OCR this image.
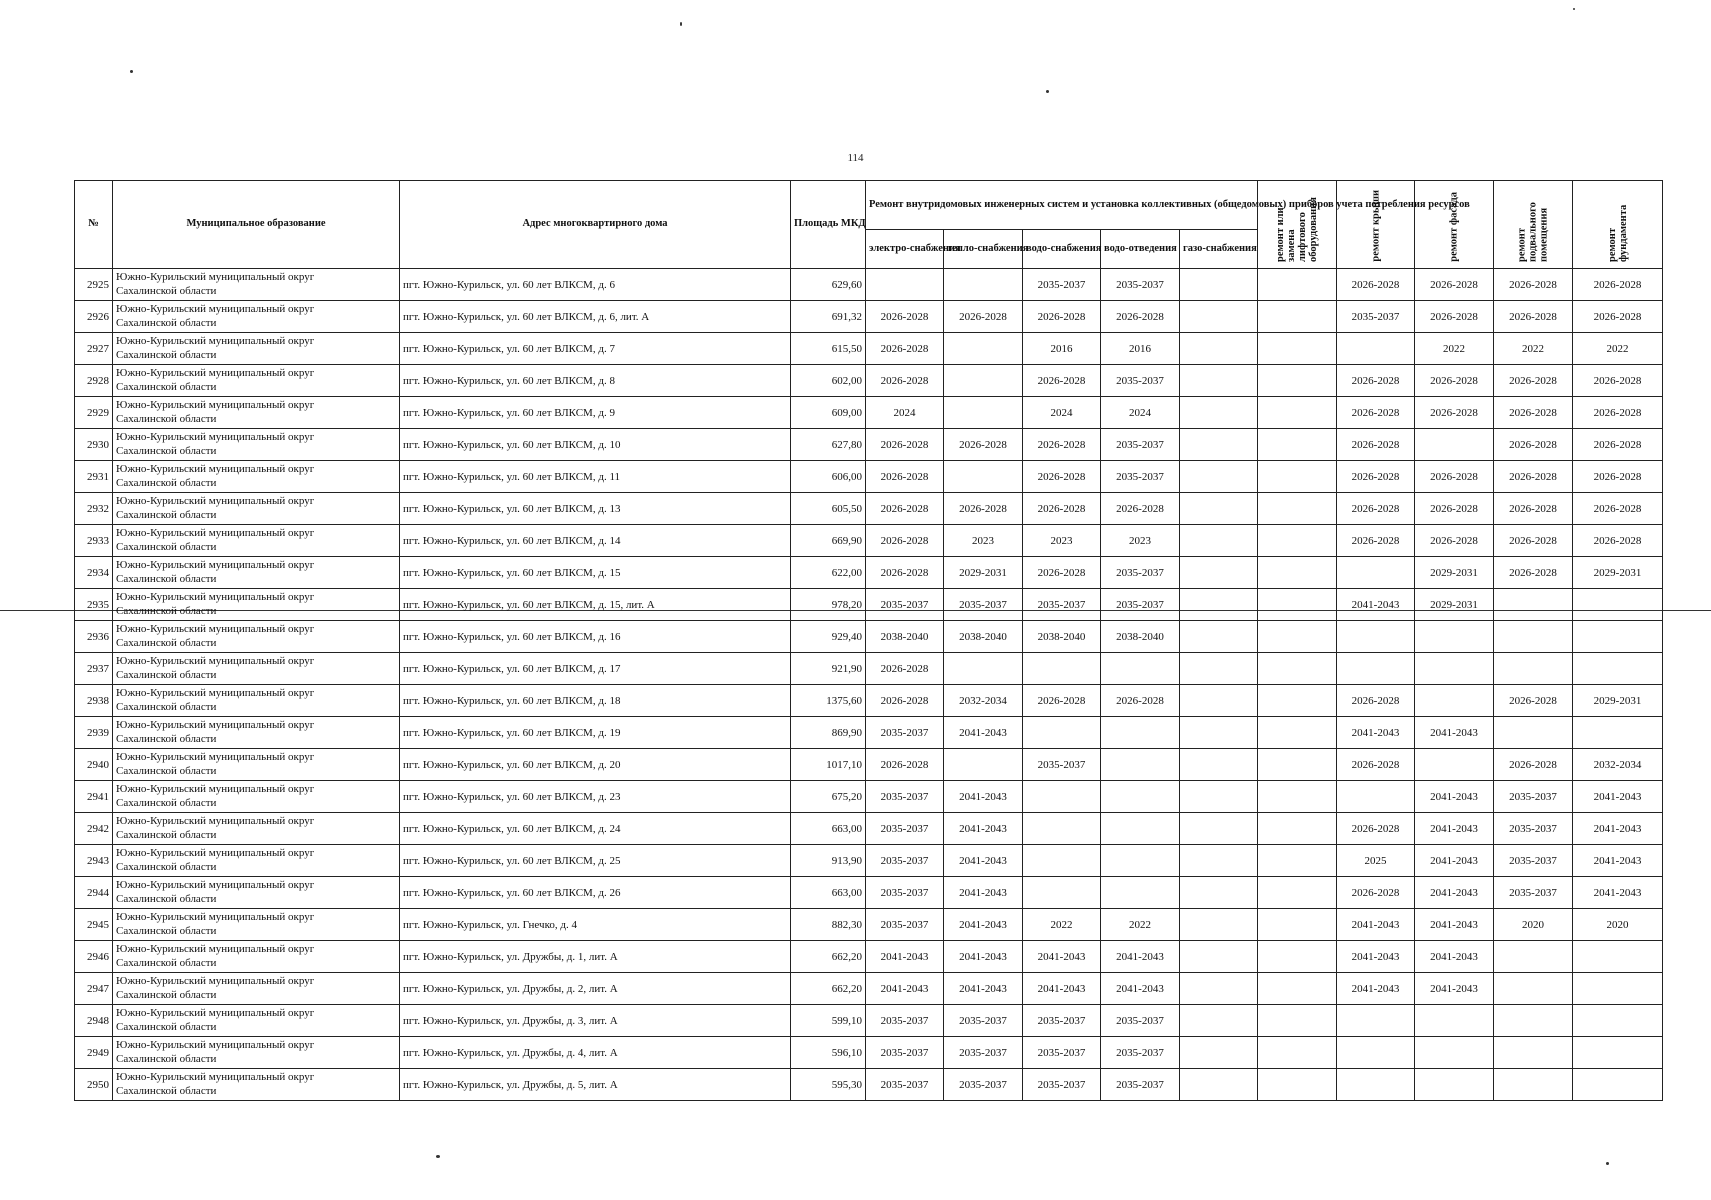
114
№	Муниципальное образование	Адрес многоквартирного дома	Площадь МКД	Ремонт внутридомовых инженерных систем и установка коллективных (общедомовых) приборов учета потребления ресурсов					ремонт или замена лифтового оборудования	ремонт крыши	ремонт фасада	ремонт подвального помещения	ремонт фундамента

				электро-снабжения	тепло-снабжения	водо-снабжения	водо-отведения	газо-снабжения					
2925	Южно-Курильский муниципальный округ
Сахалинской области	пгт. Южно-Курильск, ул. 60 лет ВЛКСМ, д. 6	629,60			2035-2037	2035-2037			2026-2028	2026-2028	2026-2028	2026-2028
2926	Южно-Курильский муниципальный округ
Сахалинской области	пгт. Южно-Курильск, ул. 60 лет ВЛКСМ, д. 6, лит. А	691,32	2026-2028	2026-2028	2026-2028	2026-2028			2035-2037	2026-2028	2026-2028	2026-2028
2927	Южно-Курильский муниципальный округ
Сахалинской области	пгт. Южно-Курильск, ул. 60 лет ВЛКСМ, д. 7	615,50	2026-2028		2016	2016				2022	2022	2022
2928	Южно-Курильский муниципальный округ
Сахалинской области	пгт. Южно-Курильск, ул. 60 лет ВЛКСМ, д. 8	602,00	2026-2028		2026-2028	2035-2037			2026-2028	2026-2028	2026-2028	2026-2028
2929	Южно-Курильский муниципальный округ
Сахалинской области	пгт. Южно-Курильск, ул. 60 лет ВЛКСМ, д. 9	609,00	2024		2024	2024			2026-2028	2026-2028	2026-2028	2026-2028
2930	Южно-Курильский муниципальный округ
Сахалинской области	пгт. Южно-Курильск, ул. 60 лет ВЛКСМ, д. 10	627,80	2026-2028	2026-2028	2026-2028	2035-2037			2026-2028		2026-2028	2026-2028
2931	Южно-Курильский муниципальный округ
Сахалинской области	пгт. Южно-Курильск, ул. 60 лет ВЛКСМ, д. 11	606,00	2026-2028		2026-2028	2035-2037			2026-2028	2026-2028	2026-2028	2026-2028
2932	Южно-Курильский муниципальный округ
Сахалинской области	пгт. Южно-Курильск, ул. 60 лет ВЛКСМ, д. 13	605,50	2026-2028	2026-2028	2026-2028	2026-2028			2026-2028	2026-2028	2026-2028	2026-2028
2933	Южно-Курильский муниципальный округ
Сахалинской области	пгт. Южно-Курильск, ул. 60 лет ВЛКСМ, д. 14	669,90	2026-2028	2023	2023	2023			2026-2028	2026-2028	2026-2028	2026-2028
2934	Южно-Курильский муниципальный округ
Сахалинской области	пгт. Южно-Курильск, ул. 60 лет ВЛКСМ, д. 15	622,00	2026-2028	2029-2031	2026-2028	2035-2037				2029-2031	2026-2028	2029-2031
2935	Южно-Курильский муниципальный округ
Сахалинской области	пгт. Южно-Курильск, ул. 60 лет ВЛКСМ, д. 15, лит. А	978,20	2035-2037	2035-2037	2035-2037	2035-2037			2041-2043	2029-2031		
2936	Южно-Курильский муниципальный округ
Сахалинской области	пгт. Южно-Курильск, ул. 60 лет ВЛКСМ, д. 16	929,40	2038-2040	2038-2040	2038-2040	2038-2040						
2937	Южно-Курильский муниципальный округ
Сахалинской области	пгт. Южно-Курильск, ул. 60 лет ВЛКСМ, д. 17	921,90	2026-2028									
2938	Южно-Курильский муниципальный округ
Сахалинской области	пгт. Южно-Курильск, ул. 60 лет ВЛКСМ, д. 18	1375,60	2026-2028	2032-2034	2026-2028	2026-2028			2026-2028		2026-2028	2029-2031
2939	Южно-Курильский муниципальный округ
Сахалинской области	пгт. Южно-Курильск, ул. 60 лет ВЛКСМ, д. 19	869,90	2035-2037	2041-2043					2041-2043	2041-2043		
2940	Южно-Курильский муниципальный округ
Сахалинской области	пгт. Южно-Курильск, ул. 60 лет ВЛКСМ, д. 20	1017,10	2026-2028		2035-2037				2026-2028		2026-2028	2032-2034
2941	Южно-Курильский муниципальный округ
Сахалинской области	пгт. Южно-Курильск, ул. 60 лет ВЛКСМ, д. 23	675,20	2035-2037	2041-2043						2041-2043	2035-2037	2041-2043
2942	Южно-Курильский муниципальный округ
Сахалинской области	пгт. Южно-Курильск, ул. 60 лет ВЛКСМ, д. 24	663,00	2035-2037	2041-2043					2026-2028	2041-2043	2035-2037	2041-2043
2943	Южно-Курильский муниципальный округ
Сахалинской области	пгт. Южно-Курильск, ул. 60 лет ВЛКСМ, д. 25	913,90	2035-2037	2041-2043					2025	2041-2043	2035-2037	2041-2043
2944	Южно-Курильский муниципальный округ
Сахалинской области	пгт. Южно-Курильск, ул. 60 лет ВЛКСМ, д. 26	663,00	2035-2037	2041-2043					2026-2028	2041-2043	2035-2037	2041-2043
2945	Южно-Курильский муниципальный округ
Сахалинской области	пгт. Южно-Курильск, ул. Гнечко, д. 4	882,30	2035-2037	2041-2043	2022	2022			2041-2043	2041-2043	2020	2020
2946	Южно-Курильский муниципальный округ
Сахалинской области	пгт. Южно-Курильск, ул. Дружбы, д. 1, лит. А	662,20	2041-2043	2041-2043	2041-2043	2041-2043			2041-2043	2041-2043		
2947	Южно-Курильский муниципальный округ
Сахалинской области	пгт. Южно-Курильск, ул. Дружбы, д. 2, лит. А	662,20	2041-2043	2041-2043	2041-2043	2041-2043			2041-2043	2041-2043		
2948	Южно-Курильский муниципальный округ
Сахалинской области	пгт. Южно-Курильск, ул. Дружбы, д. 3, лит. А	599,10	2035-2037	2035-2037	2035-2037	2035-2037						
2949	Южно-Курильский муниципальный округ
Сахалинской области	пгт. Южно-Курильск, ул. Дружбы, д. 4, лит. А	596,10	2035-2037	2035-2037	2035-2037	2035-2037						
2950	Южно-Курильский муниципальный округ
Сахалинской области	пгт. Южно-Курильск, ул. Дружбы, д. 5, лит. А	595,30	2035-2037	2035-2037	2035-2037	2035-2037						
